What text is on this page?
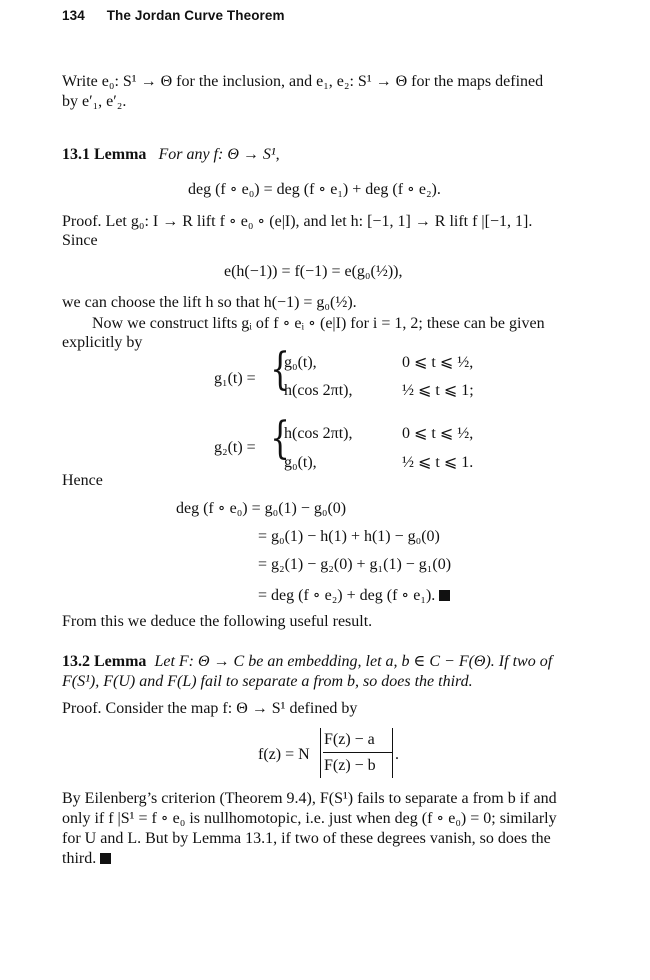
134 The Jordan Curve Theorem
Write e₀: S¹ → Θ for the inclusion, and e₁, e₂: S¹ → Θ for the maps defined
by e′₁, e′₂.
13.1 Lemma For any f: Θ → S¹,
deg (f ∘ e₀) = deg (f ∘ e₁) + deg (f ∘ e₂).
Proof. Let g₀: I → R lift f ∘ e₀ ∘ (e|I), and let h: [−1, 1] → R lift f |[−1, 1].
Since
e(h(−1)) = f(−1) = e(g₀(½)),
we can choose the lift h so that h(−1) = g₀(½).
Now we construct lifts gᵢ of f ∘ eᵢ ∘ (e|I) for i = 1, 2; these can be given
explicitly by
g₁(t) = {
g₀(t),	0 ⩽ t ⩽ ½,
h(cos 2πt),	½ ⩽ t ⩽ 1;
g₂(t) = {
h(cos 2πt),	0 ⩽ t ⩽ ½,
g₀(t),	½ ⩽ t ⩽ 1.
Hence
deg (f ∘ e₀) = g₀(1) − g₀(0)
= g₀(1) − h(1) + h(1) − g₀(0)
= g₂(1) − g₂(0) + g₁(1) − g₁(0)
= deg (f ∘ e₂) + deg (f ∘ e₁).
From this we deduce the following useful result.
13.2 Lemma Let F: Θ → C be an embedding, let a, b ∈ C − F(Θ). If two of
F(S¹), F(U) and F(L) fail to separate a from b, so does the third.
Proof. Consider the map f: Θ → S¹ defined by
f(z) = N
F(z) − a
F(z) − b
.
By Eilenberg’s criterion (Theorem 9.4), F(S¹) fails to separate a from b if and
only if f |S¹ = f ∘ e₀ is nullhomotopic, i.e. just when deg (f ∘ e₀) = 0; similarly
for U and L. But by Lemma 13.1, if two of these degrees vanish, so does the
third.
